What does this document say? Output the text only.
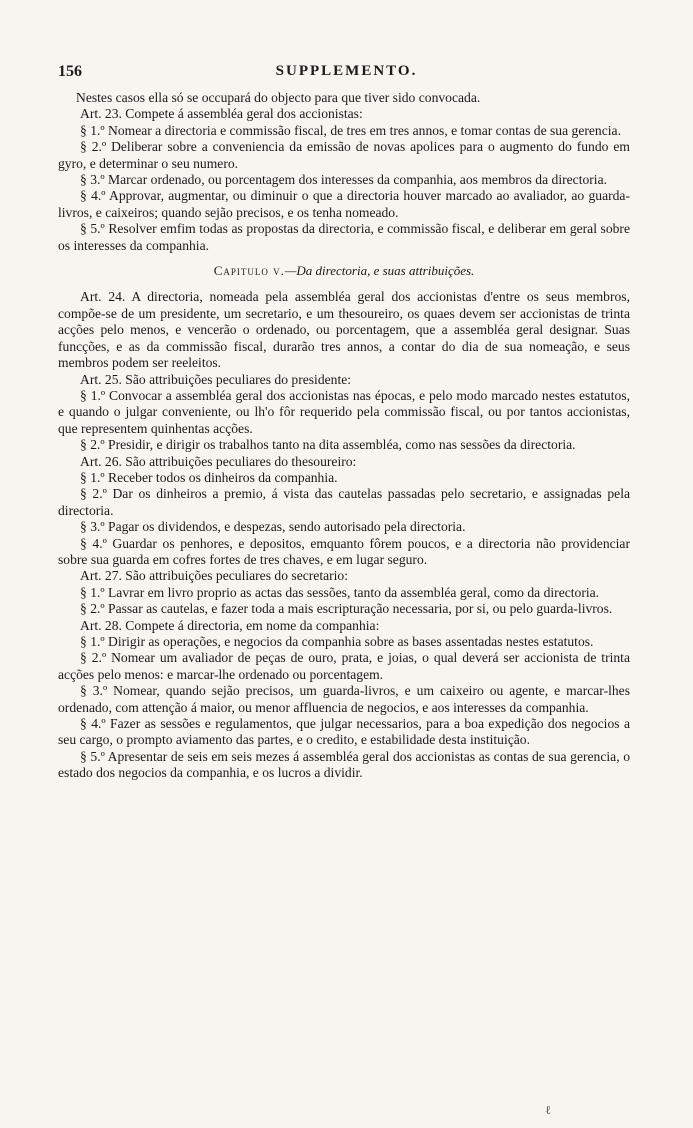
156	SUPPLEMENTO.

Nestes casos ella só se occupará do objecto para que tiver sido convocada.

Art. 23. Compete á assembléa geral dos accionistas:

§ 1.º Nomear a directoria e commissão fiscal, de tres em tres annos, e tomar contas de sua gerencia.

§ 2.º Deliberar sobre a conveniencia da emissão de novas apolices para o augmento do fundo em gyro, e determinar o seu numero.

§ 3.º Marcar ordenado, ou porcentagem dos interesses da companhia, aos membros da directoria.

§ 4.º Approvar, augmentar, ou diminuir o que a directoria houver marcado ao avaliador, ao guarda-livros, e caixeiros; quando sejão precisos, e os tenha nomeado.

§ 5.º Resolver emfim todas as propostas da directoria, e commissão fiscal, e deliberar em geral sobre os interesses da companhia.

Capitulo v.—Da directoria, e suas attribuições.

Art. 24. A directoria, nomeada pela assembléa geral dos accionistas d'entre os seus membros, compõe-se de um presidente, um secretario, e um thesoureiro, os quaes devem ser accionistas de trinta acções pelo menos, e vencerão o ordenado, ou porcentagem, que a assembléa geral designar. Suas funcções, e as da commissão fiscal, durarão tres annos, a contar do dia de sua nomeação, e seus membros podem ser reeleitos.

Art. 25. São attribuições peculiares do presidente:

§ 1.º Convocar a assembléa geral dos accionistas nas épocas, e pelo modo marcado nestes estatutos, e quando o julgar conveniente, ou lh'o fôr requerido pela commissão fiscal, ou por tantos accionistas, que representem quinhentas acções.

§ 2.º Presidir, e dirigir os trabalhos tanto na dita assembléa, como nas sessões da directoria.

Art. 26. São attribuições peculiares do thesoureiro:

§ 1.º Receber todos os dinheiros da companhia.

§ 2.º Dar os dinheiros a premio, á vista das cautelas passadas pelo secretario, e assignadas pela directoria.

§ 3.º Pagar os dividendos, e despezas, sendo autorisado pela directoria.

§ 4.º Guardar os penhores, e depositos, emquanto fôrem poucos, e a directoria não providenciar sobre sua guarda em cofres fortes de tres chaves, e em lugar seguro.

Art. 27. São attribuições peculiares do secretario:

§ 1.º Lavrar em livro proprio as actas das sessões, tanto da assembléa geral, como da directoria.

§ 2.º Passar as cautelas, e fazer toda a mais escripturação necessaria, por si, ou pelo guarda-livros.

Art. 28. Compete á directoria, em nome da companhia:

§ 1.º Dirigir as operações, e negocios da companhia sobre as bases assentadas nestes estatutos.

§ 2.º Nomear um avaliador de peças de ouro, prata, e joias, o qual deverá ser accionista de trinta acções pelo menos: e marcar-lhe ordenado ou porcentagem.

§ 3.º Nomear, quando sejão precisos, um guarda-livros, e um caixeiro ou agente, e marcar-lhes ordenado, com attenção á maior, ou menor affluencia de negocios, e aos interesses da companhia.

§ 4.º Fazer as sessões e regulamentos, que julgar necessarios, para a boa expedição dos negocios a seu cargo, o prompto aviamento das partes, e o credito, e estabilidade desta instituição.

§ 5.º Apresentar de seis em seis mezes á assembléa geral dos accionistas as contas de sua gerencia, o estado dos negocios da companhia, e os lucros a dividir.

ℓ
